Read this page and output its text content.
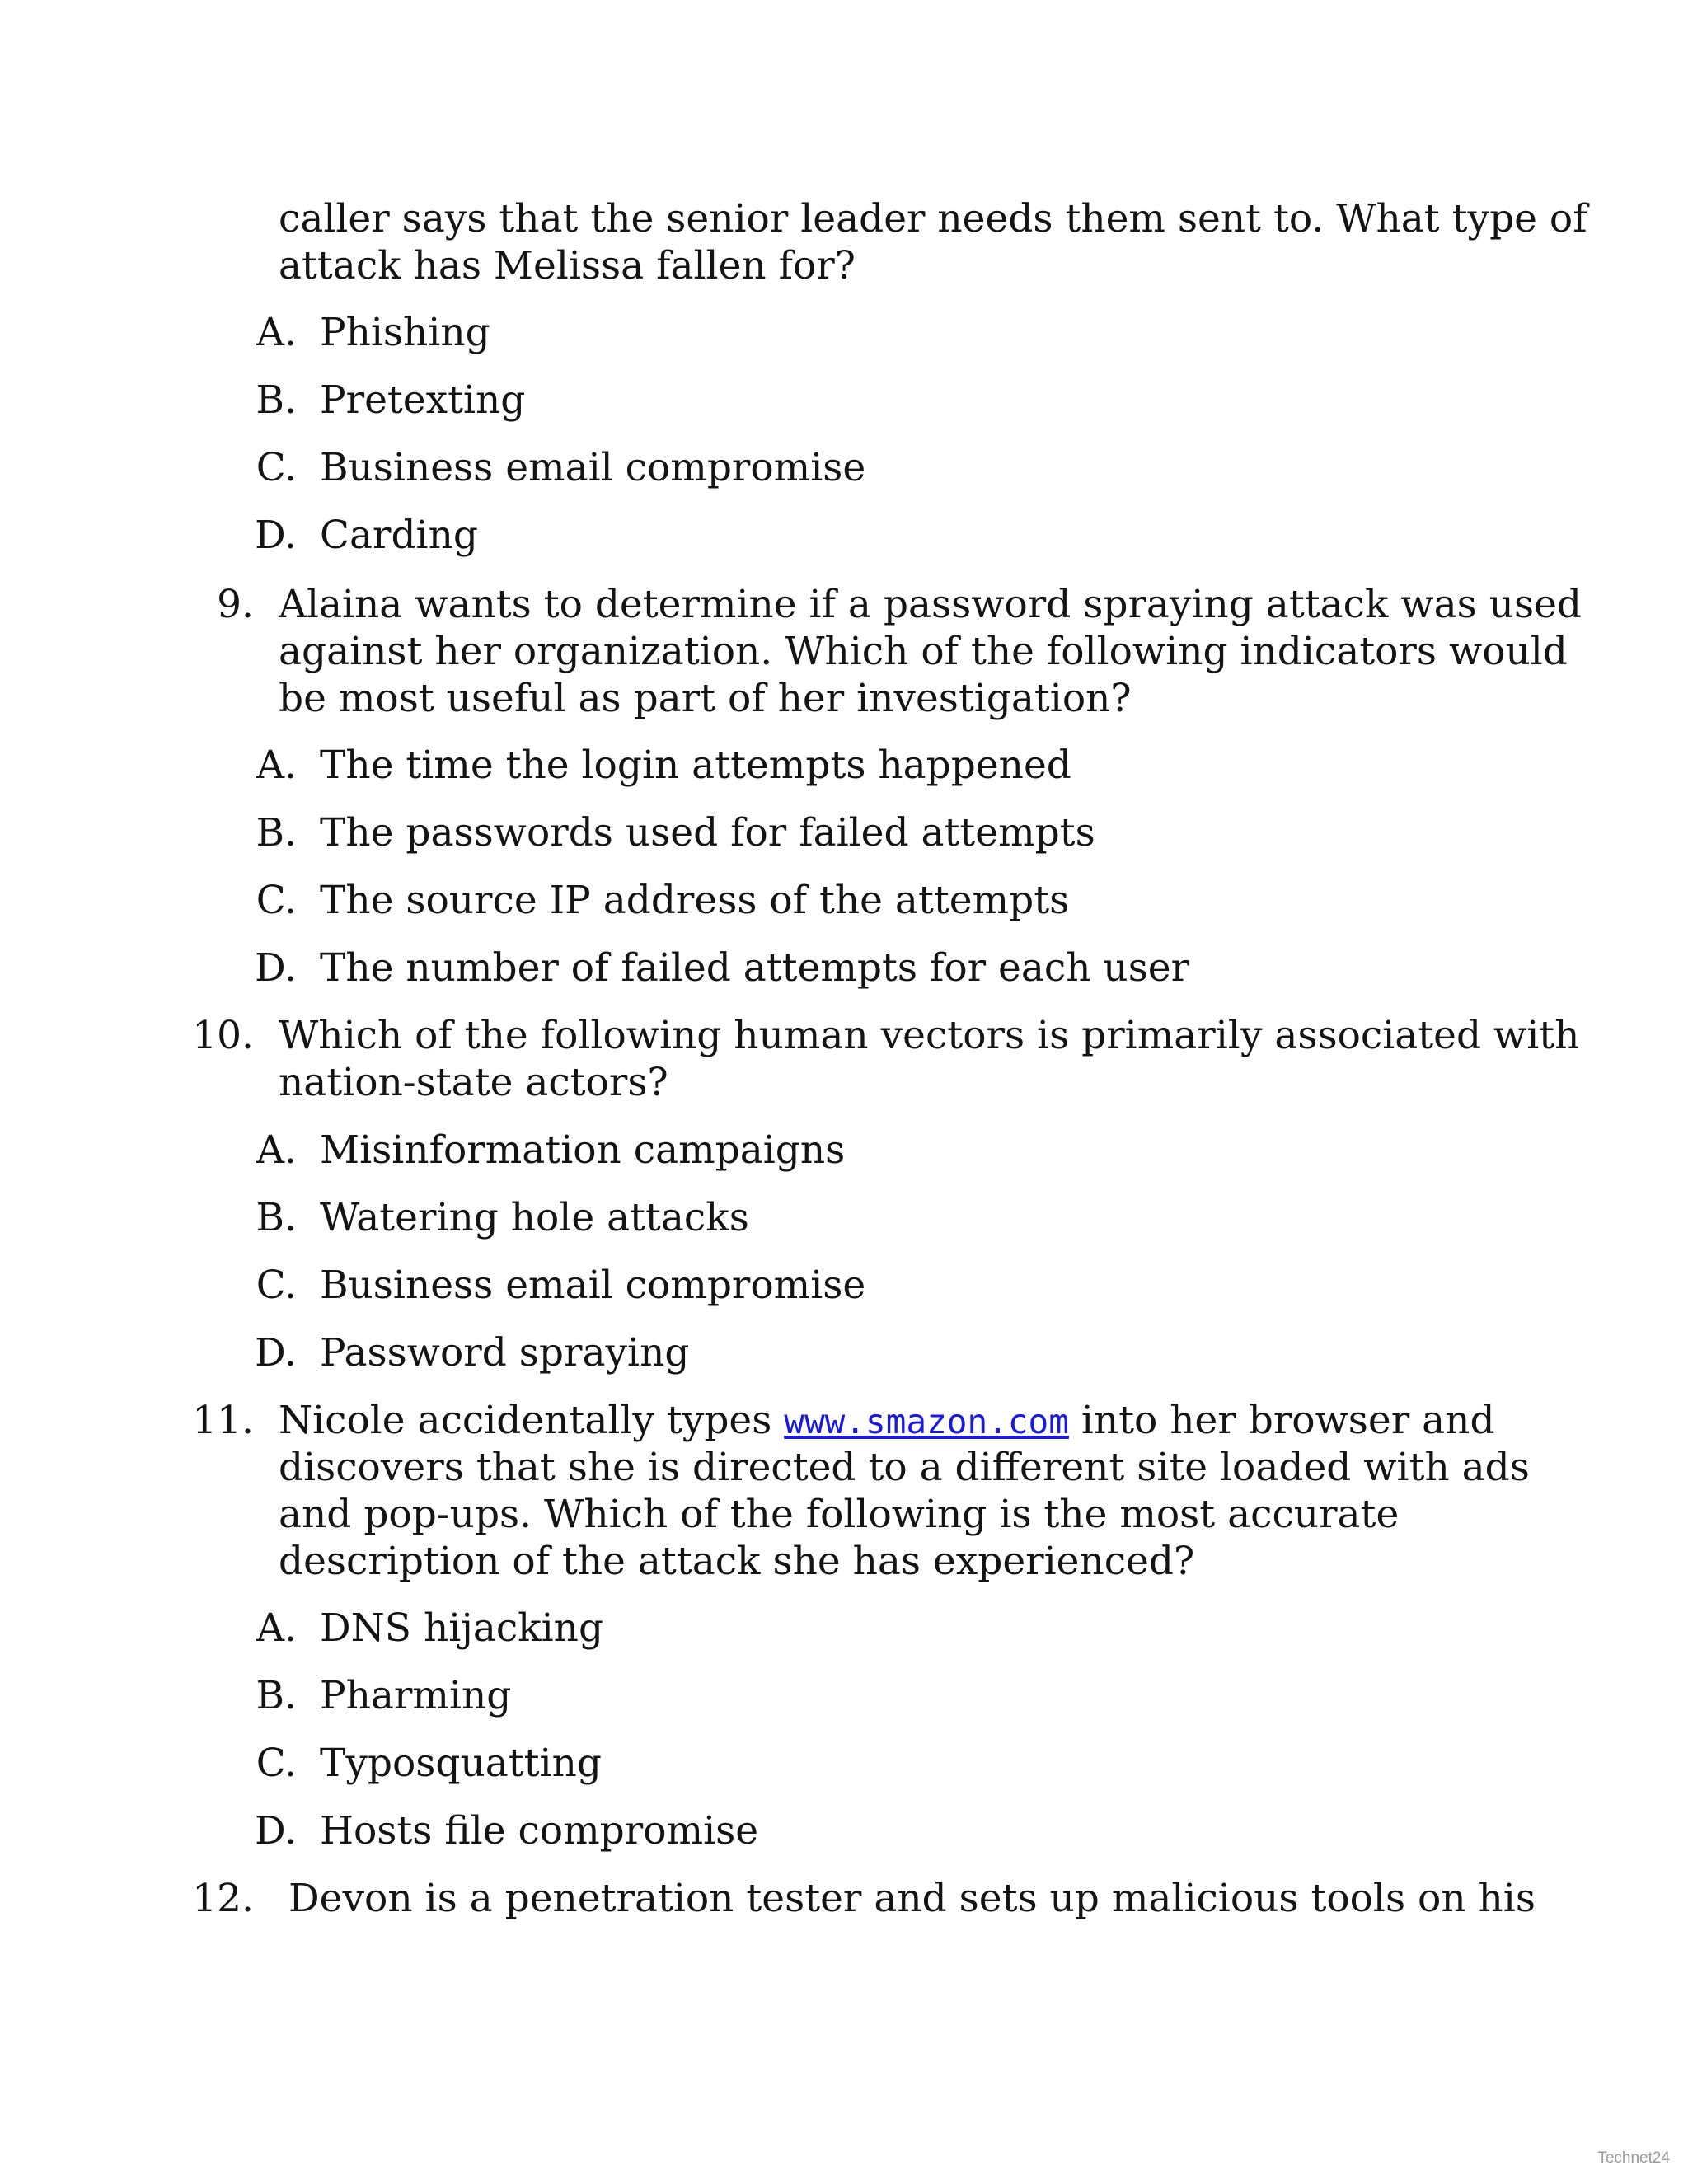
caller says that the senior leader needs them sent to. What type of
attack has Melissa fallen for?
A. Phishing
B. Pretexting
C. Business email compromise
D. Carding
9. Alaina wants to determine if a password spraying attack was used
against her organization. Which of the following indicators would
be most useful as part of her investigation?
A. The time the login attempts happened
B. The passwords used for failed attempts
C. The source IP address of the attempts
D. The number of failed attempts for each user
10. Which of the following human vectors is primarily associated with
nation-state actors?
A. Misinformation campaigns
B. Watering hole attacks
C. Business email compromise
D. Password spraying
11. Nicole accidentally types www.smazon.com into her browser and
discovers that she is directed to a different site loaded with ads
and pop-ups. Which of the following is the most accurate
description of the attack she has experienced?
A. DNS hijacking
B. Pharming
C. Typosquatting
D. Hosts file compromise
12. Devon is a penetration tester and sets up malicious tools on his
Technet24
